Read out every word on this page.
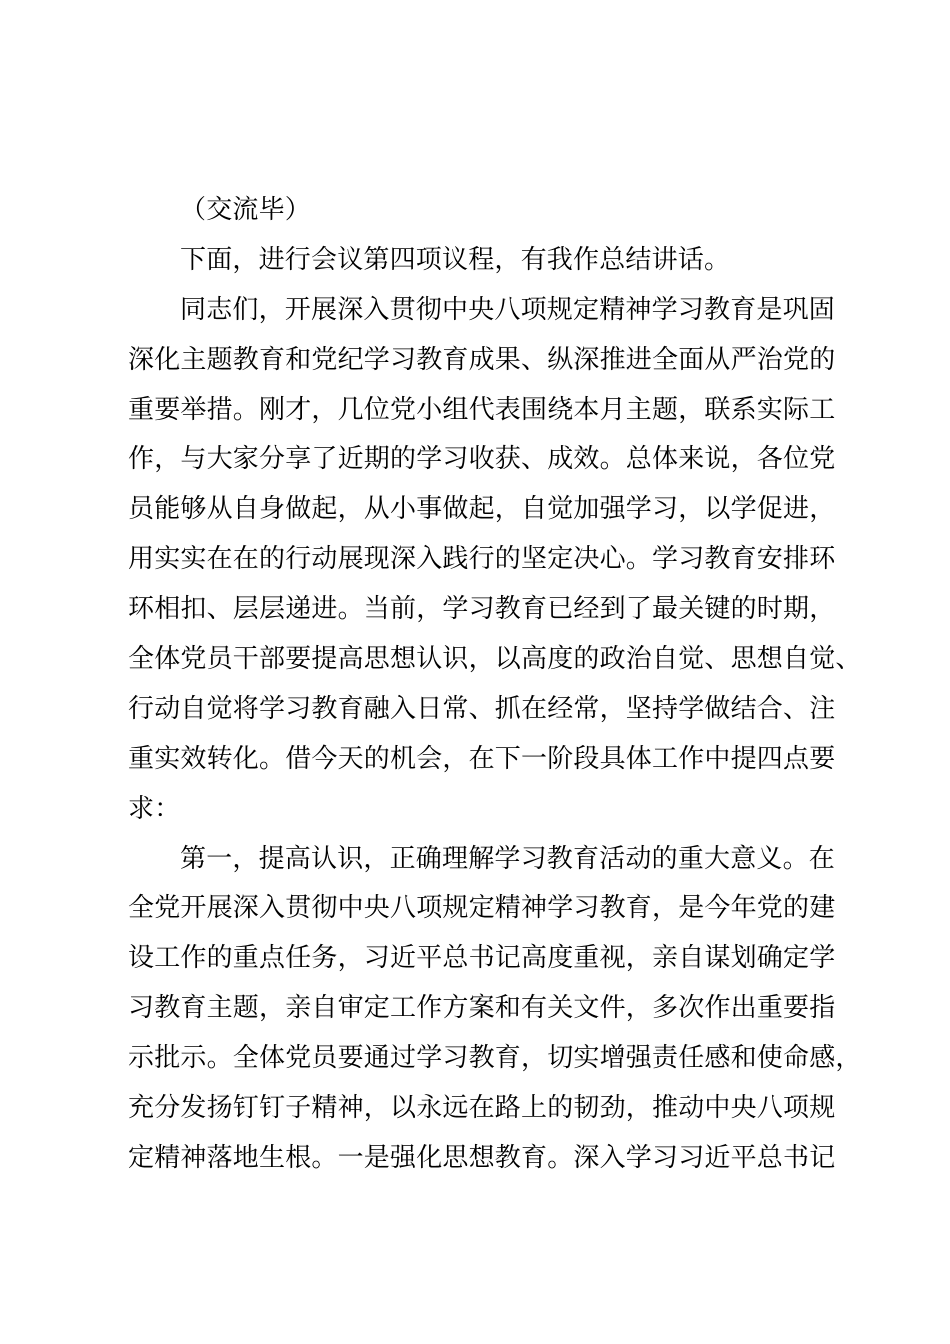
（交流毕）
下面，进行会议第四项议程，有我作总结讲话。
同志们，开展深入贯彻中央八项规定精神学习教育是巩固
深化主题教育和党纪学习教育成果、纵深推进全面从严治党的
重要举措。刚才，几位党小组代表围绕本月主题，联系实际工
作，与大家分享了近期的学习收获、成效。总体来说，各位党
员能够从自身做起，从小事做起，自觉加强学习，以学促进，
用实实在在的行动展现深入践行的坚定决心。学习教育安排环
环相扣、层层递进。当前，学习教育已经到了最关键的时期，
全体党员干部要提高思想认识，以高度的政治自觉、思想自觉、
行动自觉将学习教育融入日常、抓在经常，坚持学做结合、注
重实效转化。借今天的机会，在下一阶段具体工作中提四点要
求：
第一，提高认识，正确理解学习教育活动的重大意义。在
全党开展深入贯彻中央八项规定精神学习教育，是今年党的建
设工作的重点任务，习近平总书记高度重视，亲自谋划确定学
习教育主题，亲自审定工作方案和有关文件，多次作出重要指
示批示。全体党员要通过学习教育，切实增强责任感和使命感，
充分发扬钉钉子精神，以永远在路上的韧劲，推动中央八项规
定精神落地生根。一是强化思想教育。深入学习习近平总书记
